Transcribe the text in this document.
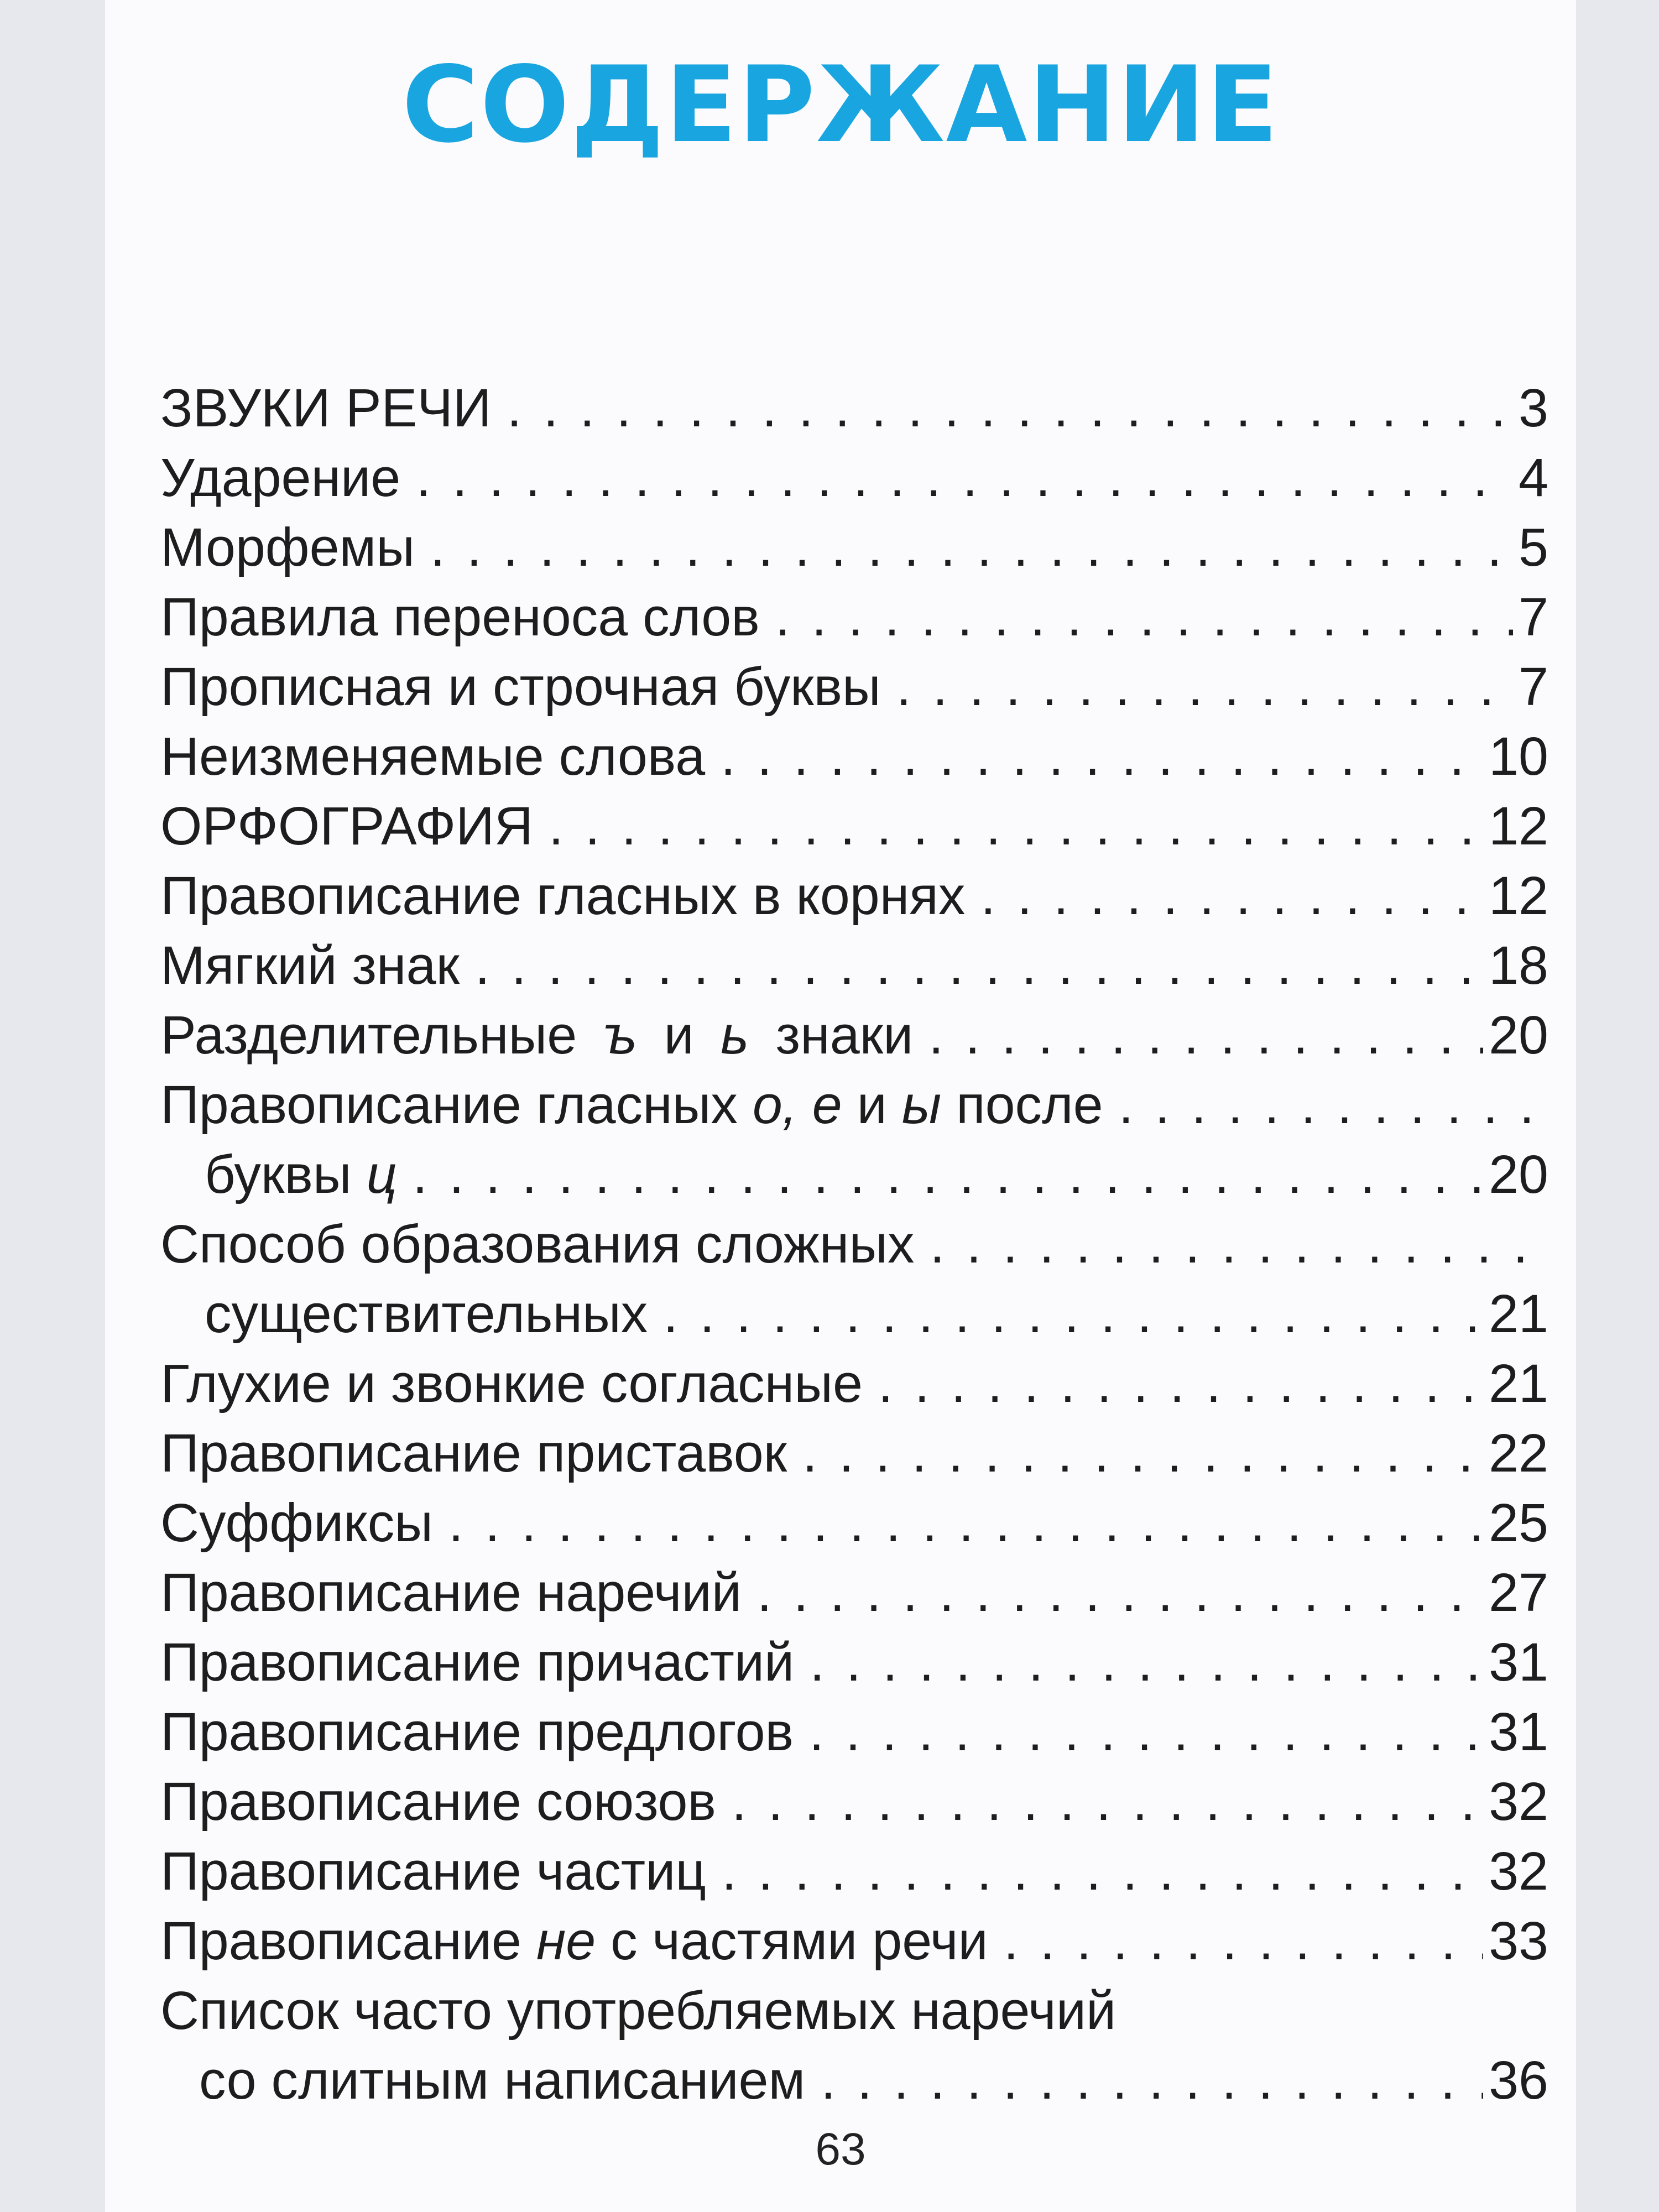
СОДЕРЖАНИЕ
ЗВУКИ РЕЧИ . . .	3
Ударение . . .	4
Морфемы . . .	5
Правила переноса слов . . .	7
Прописная и строчная буквы . . .	7
Неизменяемые слова . . .	10
ОРФОГРАФИЯ . . .	12
Правописание гласных в корнях . . .	12
Мягкий знак . . .	18
Разделительные ъ и ь знаки . . .	20
Правописание гласных о, е и ы после
. . .
буквы ц . . .	20
Способ образования сложных
. . .
существительных . . .	21
Глухие и звонкие согласные . . .	21
Правописание приставок . . .	22
Суффиксы . . .	25
Правописание наречий . . .	27
Правописание причастий . . .	31
Правописание предлогов . . .	31
Правописание союзов . . .	32
Правописание частиц . . .	32
Правописание не с частями речи . . .	33
Список часто употребляемых наречий
со слитным написанием . . .	36
63
